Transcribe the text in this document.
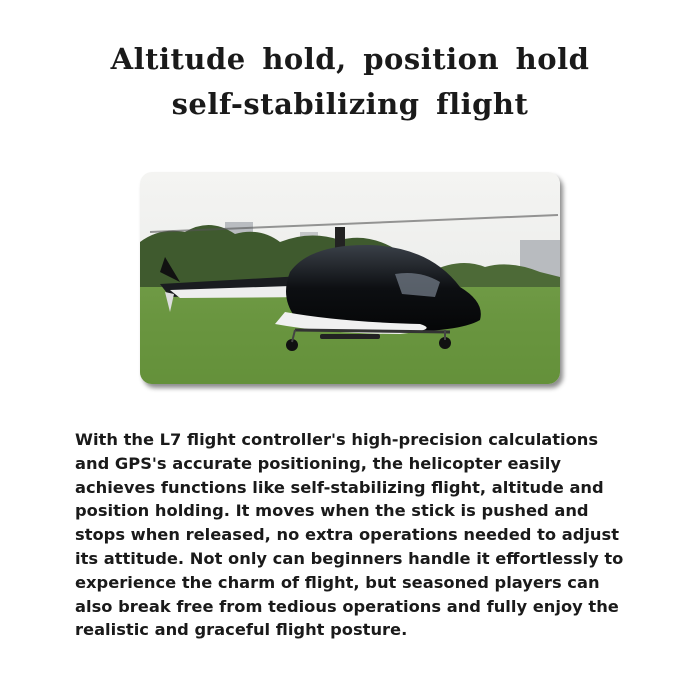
Altitude hold, position hold
self-stabilizing flight
With the L7 flight controller's high-precision calculations and GPS's accurate positioning, the helicopter easily achieves functions like self-stabilizing flight, altitude and position holding. It moves when the stick is pushed and stops when released, no extra operations needed to adjust its attitude. Not only can beginners handle it effortlessly to experience the charm of flight, but seasoned players can also break free from tedious operations and fully enjoy the realistic and graceful flight posture.
